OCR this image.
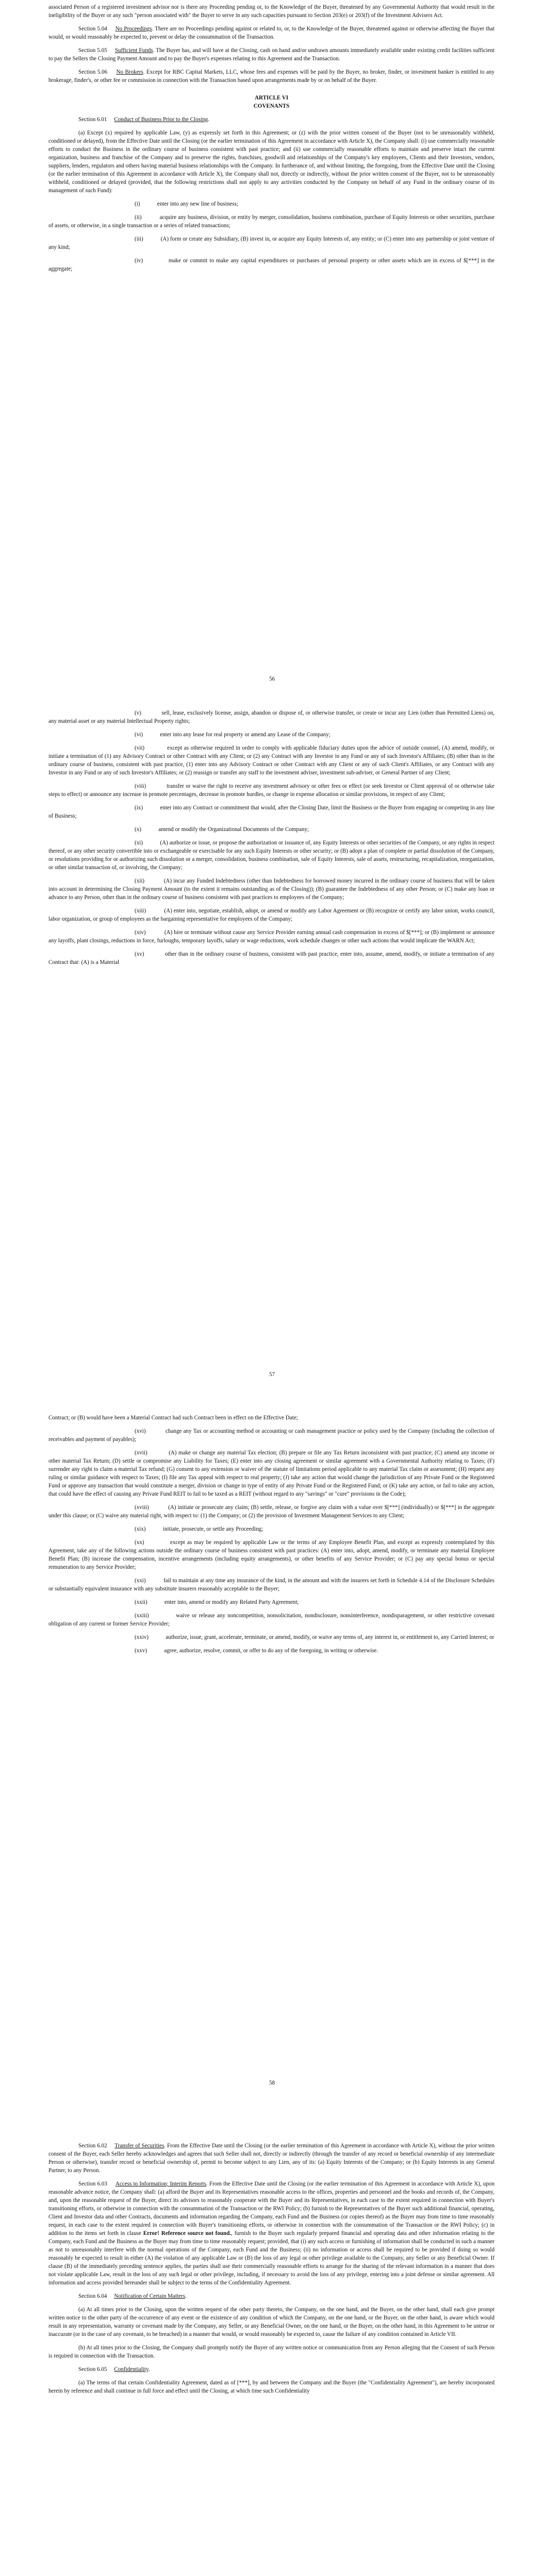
associated Person of a registered investment advisor nor is there any Proceeding pending or, to the Knowledge of the Buyer, threatened by any Governmental Authority that would result in the ineligibility of the Buyer or any such "person associated with" the Buyer to serve in any such capacities pursuant to Section 203(e) or 203(f) of the Investment Advisers Act.

Section 5.04 No Proceedings. There are no Proceedings pending against or related to, or, to the Knowledge of the Buyer, threatened against or otherwise affecting the Buyer that would, or would reasonably be expected to, prevent or delay the consummation of the Transaction.

Section 5.05 Sufficient Funds. The Buyer has, and will have at the Closing, cash on hand and/or undrawn amounts immediately available under existing credit facilities sufficient to pay the Sellers the Closing Payment Amount and to pay the Buyer's expenses relating to this Agreement and the Transaction.

Section 5.06 No Brokers. Except for RBC Capital Markets, LLC, whose fees and expenses will be paid by the Buyer, no broker, finder, or investment banker is entitled to any brokerage, finder's, or other fee or commission in connection with the Transaction based upon arrangements made by or on behalf of the Buyer.

ARTICLE VI

COVENANTS

Section 6.01 Conduct of Business Prior to the Closing.

(a) Except (x) required by applicable Law, (y) as expressly set forth in this Agreement; or (z) with the prior written consent of the Buyer (not to be unreasonably withheld, conditioned or delayed), from the Effective Date until the Closing (or the earlier termination of this Agreement in accordance with Article X), the Company shall: (i) use commercially reasonable efforts to conduct the Business in the ordinary course of business consistent with past practice; and (ii) use commercially reasonable efforts to maintain and preserve intact the current organization, business and franchise of the Company and to preserve the rights, franchises, goodwill and relationships of the Company's key employees, Clients and their Investors, vendors, suppliers, lenders, regulators and others having material business relationships with the Company. In furtherance of, and without limiting, the foregoing, from the Effective Date until the Closing (or the earlier termination of this Agreement in accordance with Article X), the Company shall not, directly or indirectly, without the prior written consent of the Buyer, not to be unreasonably withheld, conditioned or delayed (provided, that the following restrictions shall not apply to any activities conducted by the Company on behalf of any Fund in the ordinary course of its management of such Fund):

(i)	enter into any new line of business;

(ii)	acquire any business, division, or entity by merger, consolidation, business combination, purchase of Equity Interests or other securities, purchase of assets, or otherwise, in a single transaction or a series of related transactions;

(iii)	(A) form or create any Subsidiary, (B) invest in, or acquire any Equity Interests of, any entity; or (C) enter into any partnership or joint venture of any kind;

(iv)	make or commit to make any capital expenditures or purchases of personal property or other assets which are in excess of $[***] in the aggregate;

56

(v)	sell, lease, exclusively license, assign, abandon or dispose of, or otherwise transfer, or create or incur any Lien (other than Permitted Liens) on, any material asset or any material Intellectual Property rights;

(vi)	enter into any lease for real property or amend any Lease of the Company;

(vii)	except as otherwise required in order to comply with applicable fiduciary duties upon the advice of outside counsel, (A) amend, modify, or initiate a termination of (1) any Advisory Contract or other Contract with any Client; or (2) any Contract with any Investor in any Fund or any of such Investor's Affiliates; (B) other than in the ordinary course of business, consistent with past practice, (1) enter into any Advisory Contract or other Contract with any Client or any of such Client's Affiliates, or any Contract with any Investor in any Fund or any of such Investor's Affiliates; or (2) reassign or transfer any staff to the investment adviser, investment sub-adviser, or General Partner of any Client;

(viii)	transfer or waive the right to receive any investment advisory or other fees or effect (or seek Investor or Client approval of or otherwise take steps to effect) or announce any increase in promote percentages, decrease in promote hurdles, or change in expense allocation or similar provisions, in respect of any Client;

(ix)	enter into any Contract or commitment that would, after the Closing Date, limit the Business or the Buyer from engaging or competing in any line of Business;

(x)	amend or modify the Organizational Documents of the Company;

(xi)	(A) authorize or issue, or propose the authorization or issuance of, any Equity Interests or other securities of the Company, or any rights in respect thereof, or any other security convertible into or exchangeable or exercisable for any such Equity Interests or other security; or (B) adopt a plan of complete or partial dissolution of the Company, or resolutions providing for or authorizing such dissolution or a merger, consolidation, business combination, sale of Equity Interests, sale of assets, restructuring, recapitalization, reorganization, or other similar transaction of, or involving, the Company;

(xii)	(A) incur any Funded Indebtedness (other than Indebtedness for borrowed money incurred in the ordinary course of business that will be taken into account in determining the Closing Payment Amount (to the extent it remains outstanding as of the Closing)); (B) guarantee the Indebtedness of any other Person; or (C) make any loan or advance to any Person, other than in the ordinary course of business consistent with past practices to employees of the Company;

(xiii)	(A) enter into, negotiate, establish, adopt, or amend or modify any Labor Agreement or (B) recognize or certify any labor union, works council, labor organization, or group of employees as the bargaining representative for employees of the Company;

(xiv)	(A) hire or terminate without cause any Service Provider earning annual cash compensation in excess of $[***]; or (B) implement or announce any layoffs, plant closings, reductions in force, furloughs, temporary layoffs, salary or wage reductions, work schedule changes or other such actions that would implicate the WARN Act;

(xv)	other than in the ordinary course of business, consistent with past practice, enter into, assume, amend, modify, or initiate a termination of any Contract that: (A) is a Material

57

Contract; or (B) would have been a Material Contract had such Contract been in effect on the Effective Date;

(xvi)	change any Tax or accounting method or accounting or cash management practice or policy used by the Company (including the collection of receivables and payment of payables);

(xvii)	(A) make or change any material Tax election; (B) prepare or file any Tax Return inconsistent with past practice; (C) amend any income or other material Tax Return; (D) settle or compromise any Liability for Taxes; (E) enter into any closing agreement or similar agreement with a Governmental Authority relating to Taxes; (F) surrender any right to claim a material Tax refund; (G) consent to any extension or waiver of the statute of limitations period applicable to any material Tax claim or assessment; (H) request any ruling or similar guidance with respect to Taxes; (I) file any Tax appeal with respect to real property; (J) take any action that would change the jurisdiction of any Private Fund or the Registered Fund or approve any transaction that would constitute a merger, division or change in type of entity of any Private Fund or the Registered Fund; or (K) take any action, or fail to take any action, that could have the effect of causing any Private Fund REIT to fail to be taxed as a REIT (without regard to any "savings" or "cure" provisions in the Code);

(xviii)	(A) initiate or prosecute any claim; (B) settle, release, or forgive any claim with a value over $[***] (individually) or $[***] in the aggregate under this clause; or (C) waive any material right, with respect to: (1) the Company; or (2) the provision of Investment Management Services to any Client;

(xix)	initiate, prosecute, or settle any Proceeding;

(xx)	except as may be required by applicable Law or the terms of any Employee Benefit Plan, and except as expressly contemplated by this Agreement, take any of the following actions outside the ordinary course of business consistent with past practices: (A) enter into, adopt, amend, modify, or terminate any material Employee Benefit Plan; (B) increase the compensation, incentive arrangements (including equity arrangements), or other benefits of any Service Provider; or (C) pay any special bonus or special remuneration to any Service Provider;

(xxi)	fail to maintain at any time any insurance of the kind, in the amount and with the insurers set forth in Schedule 4.14 of the Disclosure Schedules or substantially equivalent insurance with any substitute insurers reasonably acceptable to the Buyer;

(xxii)	enter into, amend or modify any Related Party Agreement;

(xxiii)	waive or release any noncompetition, nonsolicitation, nondisclosure, nonsinterference, nondisparagement, or other restrictive covenant obligation of any current or former Service Provider;

(xxiv)	authorize, issue, grant, accelerate, terminate, or amend, modify, or waive any terms of, any interest in, or entitlement to, any Carried Interest; or

(xxv)	agree, authorize, resolve, commit, or offer to do any of the foregoing, in writing or otherwise.

58

Section 6.02 Transfer of Securities. From the Effective Date until the Closing (or the earlier termination of this Agreement in accordance with Article X), without the prior written consent of the Buyer, each Seller hereby acknowledges and agrees that such Seller shall not, directly or indirectly (through the transfer of any record or beneficial ownership of any intermediate Person or otherwise), transfer record or beneficial ownership of, permit to become subject to any Lien, any of its: (a) Equity Interests of the Company; or (b) Equity Interests in any General Partner, to any Person.

Section 6.03 Access to Information; Interim Reports. From the Effective Date until the Closing (or the earlier termination of this Agreement in accordance with Article X), upon reasonable advance notice, the Company shall: (a) afford the Buyer and its Representatives reasonable access to the offices, properties and personnel and the books and records of, the Company, and, upon the reasonable request of the Buyer, direct its advisors to reasonably cooperate with the Buyer and its Representatives, in each case to the extent required in connection with Buyer's transitioning efforts, or otherwise in connection with the consummation of the Transaction or the RWI Policy; (b) furnish to the Representatives of the Buyer such additional financial, operating, Client and Investor data and other Contracts, documents and information regarding the Company, each Fund and the Business (or copies thereof) as the Buyer may from time to time reasonably request, in each case to the extent required in connection with Buyer's transitioning efforts, or otherwise in connection with the consummation of the Transaction or the RWI Policy; (c) in addition to the items set forth in clause Error! Reference source not found., furnish to the Buyer such regularly prepared financial and operating data and other information relating to the Company, each Fund and the Business as the Buyer may from time to time reasonably request; provided, that (i) any such access or furnishing of information shall be conducted in such a manner as not to unreasonably interfere with the normal operations of the Company, each Fund and the Business; (ii) no information or access shall be required to be provided if doing so would reasonably be expected to result in either (A) the violation of any applicable Law or (B) the loss of any legal or other privilege available to the Company, any Seller or any Beneficial Owner. If clause (B) of the immediately preceding sentence applies, the parties shall use their commercially reasonable efforts to arrange for the sharing of the relevant information in a manner that does not violate applicable Law, result in the loss of any such legal or other privilege, including, if necessary to avoid the loss of any privilege, entering into a joint defense or similar agreement. All information and access provided hereunder shall be subject to the terms of the Confidentiality Agreement.

Section 6.04 Notification of Certain Matters.

(a) At all times prior to the Closing, upon the written request of the other party thereto, the Company, on the one hand, and the Buyer, on the other hand, shall each give prompt written notice to the other party of the occurrence of any event or the existence of any condition of which the Company, on the one hand, or the Buyer, on the other hand, is aware which would result in any representation, warranty or covenant made by the Company, any Seller, or any Beneficial Owner, on the one hand, or the Buyer, on the other hand, in this Agreement to be untrue or inaccurate (or in the case of any covenant, to be breached) in a manner that would, or would reasonably be expected to, cause the failure of any condition contained in Article VII.

(b) At all times prior to the Closing, the Company shall promptly notify the Buyer of any written notice or communication from any Person alleging that the Consent of such Person is required in connection with the Transaction.

Section 6.05 Confidentiality.

(a) The terms of that certain Confidentiality Agreement, dated as of [***], by and between the Company and the Buyer (the "Confidentiality Agreement"), are hereby incorporated herein by reference and shall continue in full force and effect until the Closing, at which time such Confidentiality
